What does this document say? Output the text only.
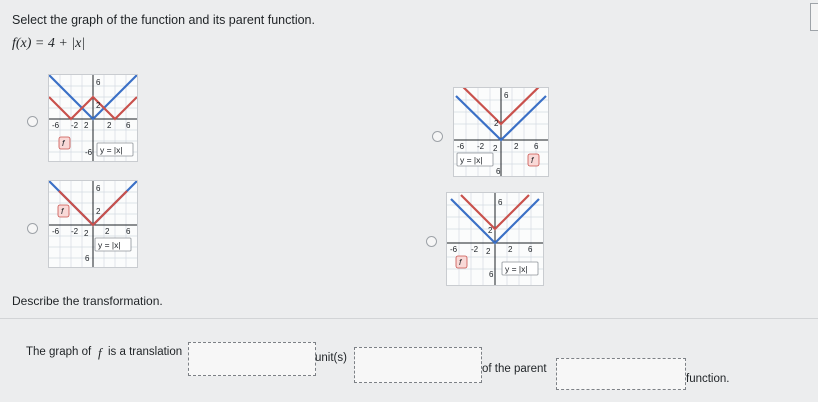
Select the graph of the function and its parent function.
f(x) = 4 + |x|
6
2
-6 -2 2 2 6
-6
f
y = |x|
6
2
-6 -2 2 2 6
6
y = |x|	f
6
2
-6 -2 2 2 6
6
f
y = |x|
6
2
-6 -2 2 2 6
6
f
y = |x|
Describe the transformation.
The graph of f is a translation	unit(s)
of the parent
function.
